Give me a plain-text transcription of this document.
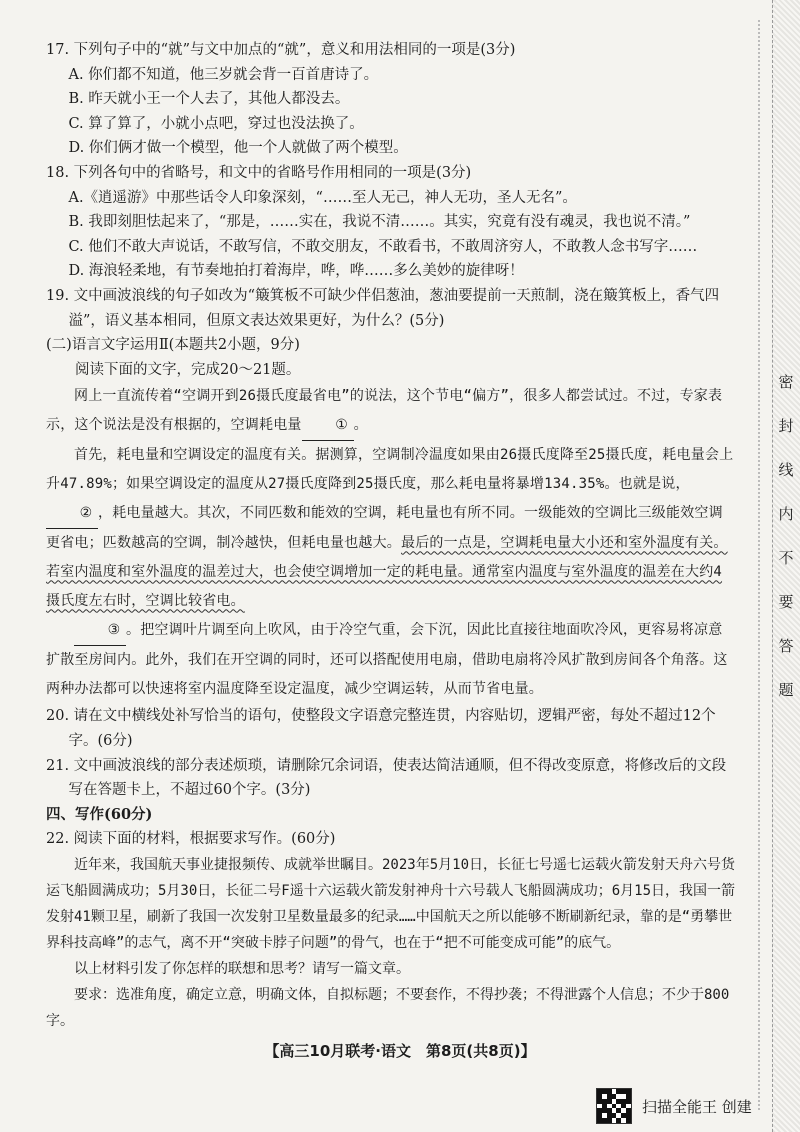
17. 下列句子中的“就”与文中加点的“就”，意义和用法相同的一项是(3分)

A. 你们都不知道，他三岁就会背一百首唐诗了。

B. 昨天就小王一个人去了，其他人都没去。

C. 算了算了，小就小点吧，穿过也没法换了。

D. 你们俩才做一个模型，他一个人就做了两个模型。

18. 下列各句中的省略号，和文中的省略号作用相同的一项是(3分)

A.《逍遥游》中那些话令人印象深刻，“……至人无己，神人无功，圣人无名”。

B. 我即刻胆怯起来了，“那是，……实在，我说不清……。其实，究竟有没有魂灵，我也说不清。”

C. 他们不敢大声说话，不敢写信，不敢交朋友，不敢看书，不敢周济穷人，不敢教人念书写字……

D. 海浪轻柔地，有节奏地拍打着海岸，哗，哗……多么美妙的旋律呀！

19. 文中画波浪线的句子如改为“簸箕板不可缺少伴侣葱油，葱油要提前一天煎制，浇在簸箕板上，香气四溢”，语义基本相同，但原文表达效果更好，为什么？(5分)

(二)语言文字运用Ⅱ(本题共2小题，9分)

阅读下面的文字，完成20～21题。

网上一直流传着“空调开到26摄氏度最省电”的说法，这个节电“偏方”，很多人都尝试过。不过，专家表示，这个说法是没有根据的，空调耗电量 ① 。

首先，耗电量和空调设定的温度有关。据测算，空调制冷温度如果由26摄氏度降至25摄氏度，耗电量会上升47.89%；如果空调设定的温度从27摄氏度降到25摄氏度，那么耗电量将暴增134.35%。也就是说，② ，耗电量越大。其次，不同匹数和能效的空调，耗电量也有所不同。一级能效的空调比三级能效空调更省电；匹数越高的空调，制冷越快，但耗电量也越大。最后的一点是，空调耗电量大小还和室外温度有关。若室内温度和室外温度的温差过大，也会使空调增加一定的耗电量。通常室内温度与室外温度的温差在大约4摄氏度左右时，空调比较省电。

③ 。把空调叶片调至向上吹风，由于冷空气重，会下沉，因此比直接往地面吹冷风，更容易将凉意扩散至房间内。此外，我们在开空调的同时，还可以搭配使用电扇，借助电扇将冷风扩散到房间各个角落。这两种办法都可以快速将室内温度降至设定温度，减少空调运转，从而节省电量。

20. 请在文中横线处补写恰当的语句，使整段文字语意完整连贯，内容贴切，逻辑严密，每处不超过12个字。(6分)

21. 文中画波浪线的部分表述烦琐，请删除冗余词语，使表达简洁通顺，但不得改变原意，将修改后的文段写在答题卡上，不超过60个字。(3分)

四、写作(60分)

22. 阅读下面的材料，根据要求写作。(60分)

近年来，我国航天事业捷报频传、成就举世瞩目。2023年5月10日，长征七号遥七运载火箭发射天舟六号货运飞船圆满成功；5月30日，长征二号F遥十六运载火箭发射神舟十六号载人飞船圆满成功；6月15日，我国一箭发射41颗卫星，刷新了我国一次发射卫星数量最多的纪录……中国航天之所以能够不断刷新纪录，靠的是“勇攀世界科技高峰”的志气，离不开“突破卡脖子问题”的骨气，也在于“把不可能变成可能”的底气。

以上材料引发了你怎样的联想和思考？请写一篇文章。

要求：选准角度，确定立意，明确文体，自拟标题；不要套作，不得抄袭；不得泄露个人信息；不少于800字。

【高三10月联考·语文　第8页(共8页)】
密 封 线 内 不 要 答 题
扫描全能王 创建
